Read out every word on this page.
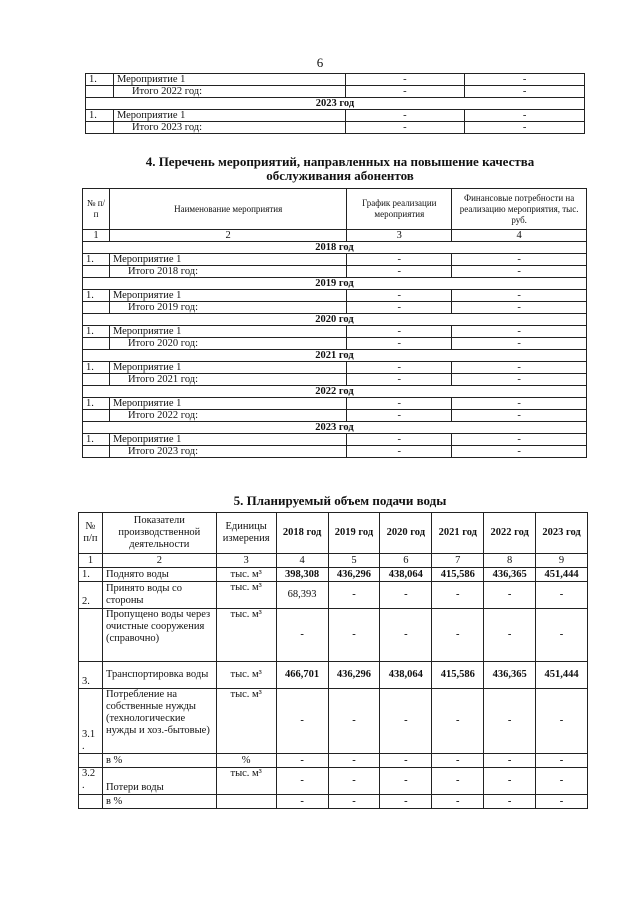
6
1.	Мероприятие 1	-	-
	Итого 2022 год:	-	-
2023 год			
1.	Мероприятие 1	-	-
	Итого 2023 год:	-	-
4. Перечень мероприятий, направленных на повышение качества обслуживания абонентов
№ п/п	Наименование мероприятия	График реализации мероприятия	Финансовые потребности на реализацию мероприятия, тыс. руб.
1	2	3	4
2018 год			
1.	Мероприятие 1	-	-
	Итого 2018 год:	-	-
2019 год			
1.	Мероприятие 1	-	-
	Итого 2019 год:	-	-
2020 год			
1.	Мероприятие 1	-	-
	Итого 2020 год:	-	-
2021 год			
1.	Мероприятие 1	-	-
	Итого 2021 год:	-	-
2022 год			
1.	Мероприятие 1	-	-
	Итого 2022 год:	-	-
2023 год			
1.	Мероприятие 1	-	-
	Итого 2023 год:	-	-
5. Планируемый объем подачи воды
№ п/п	Показатели производственной деятельности	Единицы измерения	2018 год	2019 год	2020 год	2021 год	2022 год	2023 год
1	2	3	4	5	6	7	8	9
1.	Поднято воды	тыс. м³	398,308	436,296	438,064	415,586	436,365	451,444
2.	Принято воды со стороны	тыс. м³	68,393	-	-	-	-	-
	Пропущено воды через очистные сооружения (справочно)	тыс. м³	-	-	-	-	-	-
3.	Транспортировка воды	тыс. м³	466,701	436,296	438,064	415,586	436,365	451,444
3.1 .	Потребление на собственные нужды (технологические нужды и хоз.-бытовые)	тыс. м³	-	-	-	-	-	-
	в %	%	-	-	-	-	-	-
3.2 .	Потери воды	тыс. м³	-	-	-	-	-	-
	в %		-	-	-	-	-	-
